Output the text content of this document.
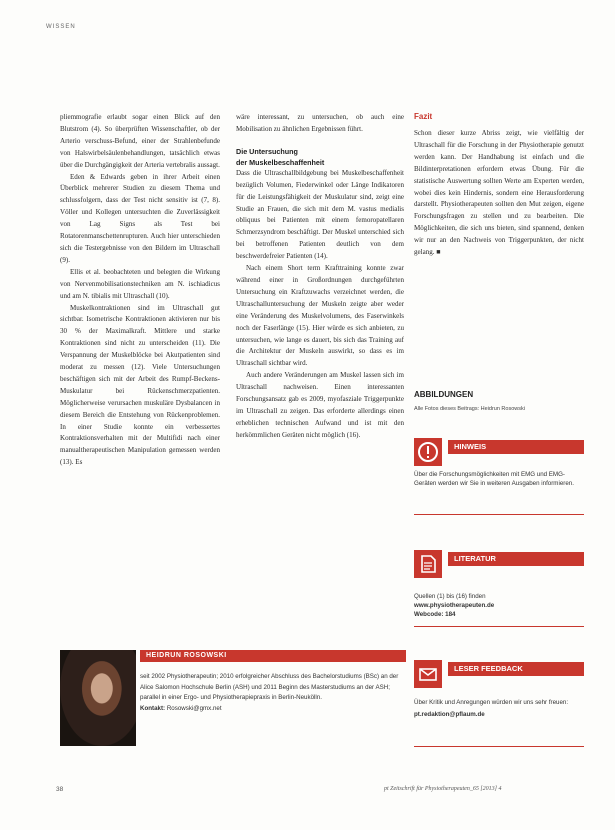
WISSEN

pliemmografie erlaubt sogar einen Blick auf den Blutstrom (4). So überprüften Wissenschaftler, ob der Arterio verschuss-Befund, einer der Strahlenbefunde von Halswirbelsäulenbehandlungen, tatsächlich etwas über die Durchgängigkeit der Arteria vertebralis aussagt.

Eden & Edwards geben in ihrer Arbeit einen Überblick mehrerer Studien zu diesem Thema und schlussfolgern, dass der Test nicht sensitiv ist (7, 8). Völler und Kollegen untersuchten die Zuverlässigkeit von Lag Signs als Test bei Rotatorenmanschettenrupturen. Auch hier unterschieden sich die Testergebnisse von den Bildern im Ultraschall (9).

Ellis et al. beobachteten und belegten die Wirkung von Nervenmobilisationstechniken am N. ischiadicus und am N. tibialis mit Ultraschall (10).

Muskelkontraktionen sind im Ultraschall gut sichtbar. Isometrische Kontraktionen aktivieren nur bis 30 % der Maximalkraft. Mittlere und starke Kontraktionen sind nicht zu unterscheiden (11). Die Verspannung der Muskelblöcke bei Akutpatienten sind moderat zu messen (12). Viele Untersuchungen beschäftigen sich mit der Arbeit des Rumpf-Beckens-Muskulatur bei Rückenschmerzpatienten. Möglicherweise verursachen muskuläre Dysbalancen in diesem Bereich die Entstehung von Rückenproblemen. In einer Studie konnte ein verbessertes Kontraktionsverhalten mit der Multifidi nach einer manualtherapeutischen Manipulation gemessen werden (13). Es

wäre interessant, zu untersuchen, ob auch eine Mobilisation zu ähnlichen Ergebnissen führt.

Die Untersuchung
der Muskelbeschaffenheit

Dass die Ultraschallbildgebung bei Muskelbeschaffenheit bezüglich Volumen, Fiederwinkel oder Länge Indikatoren für die Leistungsfähigkeit der Muskulatur sind, zeigt eine Studie an Frauen, die sich mit dem M. vastus medialis obliquus bei Patienten mit einem femoropatellaren Schmerzsyndrom beschäftigt. Der Muskel unterschied sich bei betroffenen Patienten deutlich von dem beschwerdefreier Patienten (14).

Nach einem Short term Krafttraining konnte zwar während einer in Großordnungen durchgeführten Untersuchung ein Kraftzuwachs verzeichnet werden, die Ultraschalluntersuchung der Muskeln zeigte aber weder eine Veränderung des Muskelvolumens, des Faserwinkels noch der Faserlänge (15). Hier würde es sich anbieten, zu untersuchen, wie lange es dauert, bis sich das Training auf die Architektur der Muskeln auswirkt, so dass es im Ultraschall sichtbar wird.

Auch andere Veränderungen am Muskel lassen sich im Ultraschall nachweisen. Einen interessanten Forschungsansatz gab es 2009, myofasziale Triggerpunkte im Ultraschall zu zeigen. Das erforderte allerdings einen erheblichen technischen Aufwand und ist mit den herkömmlichen Geräten nicht möglich (16).

Fazit

Schon dieser kurze Abriss zeigt, wie vielfältig der Ultraschall für die Forschung in der Physiotherapie genutzt werden kann. Der Handhabung ist einfach und die Bildinterpretationen erfordern etwas Übung. Für die statistische Auswertung sollten Werte am Experten werden, wobei dies kein Hindernis, sondern eine Herausforderung darstellt. Physiotherapeuten sollten den Mut zeigen, eigene Forschungsfragen zu stellen und zu bearbeiten. Die Möglichkeiten, die sich uns bieten, sind spannend, denken wir nur an den Nachweis von Triggerpunkten, der nicht gelang. ■

ABBILDUNGEN
Alle Fotos dieses Beitrags: Heidrun Rosowski
HINWEIS
Über die Forschungsmöglichkeiten mit EMG und EMG-Geräten werden wir Sie in weiteren Ausgaben informieren.
LITERATUR
Quellen (1) bis (16) finden
www.physiotherapeuten.de
Webcode: 184
LESER FEEDBACK
Über Kritik und Anregungen würden wir uns sehr freuen:
pt.redaktion@pflaum.de
HEIDRUN ROSOWSKI
seit 2002 Physiotherapeutin; 2010 erfolgreicher Abschluss des Bachelorstudiums (BSc) an der Alice Salomon Hochschule Berlin (ASH) und 2011 Beginn des Masterstudiums an der ASH; parallel in einer Ergo- und Physiotherapiepraxis in Berlin-Neukölln.
Kontakt: Rosowski@gmx.net
38	pt Zeitschrift für Physiotherapeuten_65 [2013] 4
